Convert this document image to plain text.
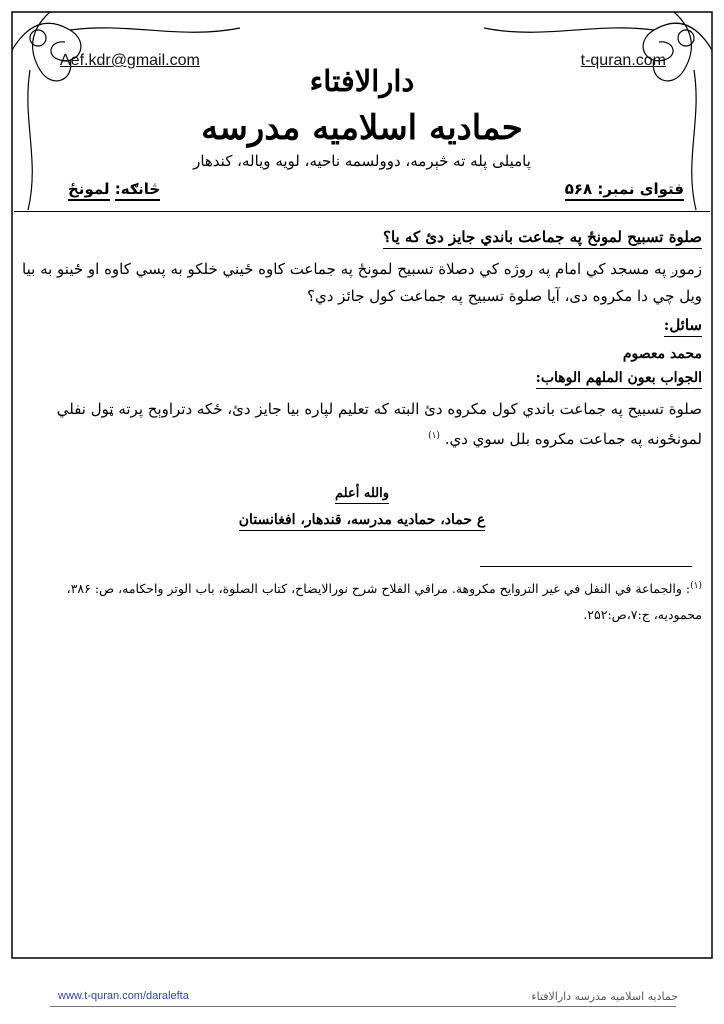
Aef.kdr@gmail.com	t-quran.com
دارالافتاء
حمادیه اسلامیه مدرسه
پامیلی پله ته څېرمه، دوولسمه ناحیه، لویه ویاله، کندهار
فتوای نمبر: ۵۶۸
څانګه: لمونځ
صلوة تسبیح لمونځ په جماعت باندي جایز دئ که یا؟
زموږ په مسجد کي امام په روژه کي دصلاة تسبیح لمونځ په جماعت کاوه ځیني خلکو به پسي کاوه او ځینو به بیا ویل چي دا مکروه دی، آیا صلوة تسبیح په جماعت کول جائز دي؟
سائل:
محمد معصوم
الجواب بعون الملهم الوهاب:
صلوة تسبیح په جماعت باندي کول مکروه دئ البته که تعلیم لپاره بیا جایز دئ، ځکه دتراوېح پرته ټول نفلي لمونځونه په جماعت مکروه بلل سوي دي. $^{(۱)}$
والله أعلم
ع حماد، حمادیه مدرسه، قندهار، افغانستان
$^{(۱)}$: والجماعة في النفل في غير التروايح مكروهة. مراقي الفلاح شرح نورالایضاح، كتاب الصلوة، باب الوتر واحكامه، ص: ۳۸۶، محموديه، ج:۷،ص:۲۵۲.
www.t-quran.com/daralefta	حمادیه اسلامیه مدرسه دارالافتاء
